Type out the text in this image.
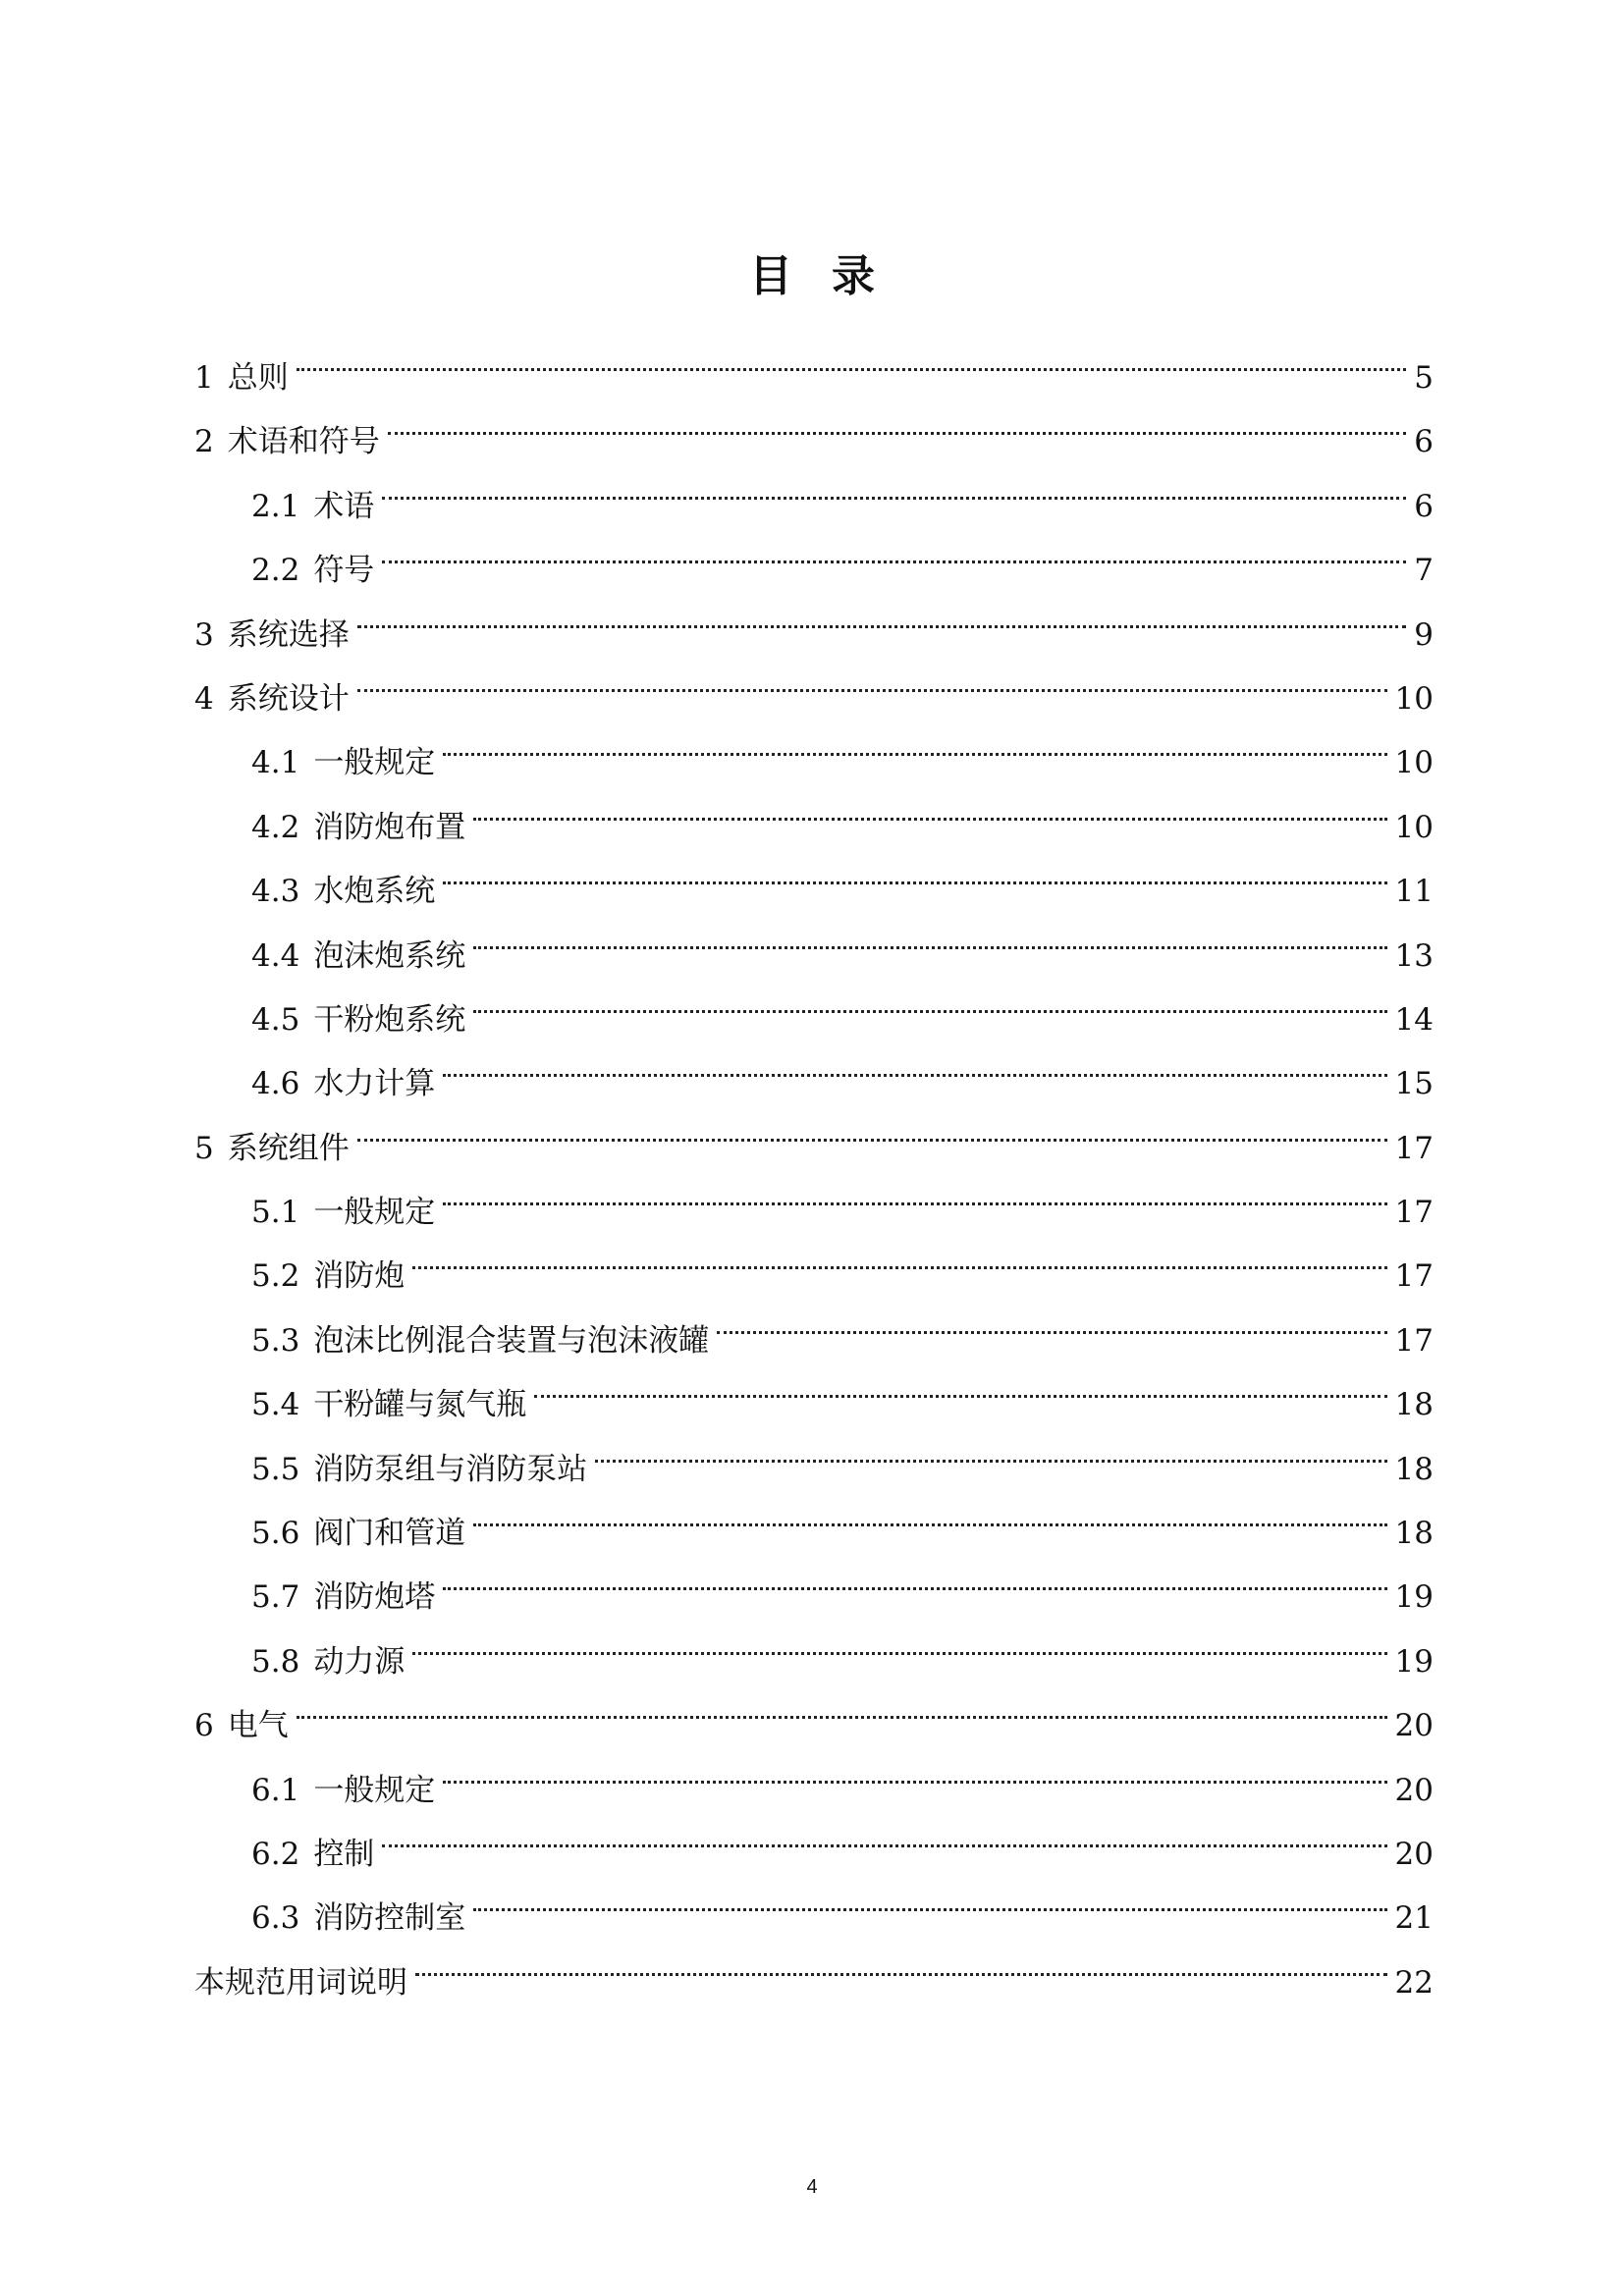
目 录
1 总则	5
2 术语和符号	6
2.1 术语	6
2.2 符号	7
3 系统选择	9
4 系统设计	10
4.1 一般规定	10
4.2 消防炮布置	10
4.3 水炮系统	11
4.4 泡沫炮系统	13
4.5 干粉炮系统	14
4.6 水力计算	15
5 系统组件	17
5.1 一般规定	17
5.2 消防炮	17
5.3 泡沫比例混合装置与泡沫液罐	17
5.4 干粉罐与氮气瓶	18
5.5 消防泵组与消防泵站	18
5.6 阀门和管道	18
5.7 消防炮塔	19
5.8 动力源	19
6 电气	20
6.1 一般规定	20
6.2 控制	20
6.3 消防控制室	21
本规范用词说明	22
4
